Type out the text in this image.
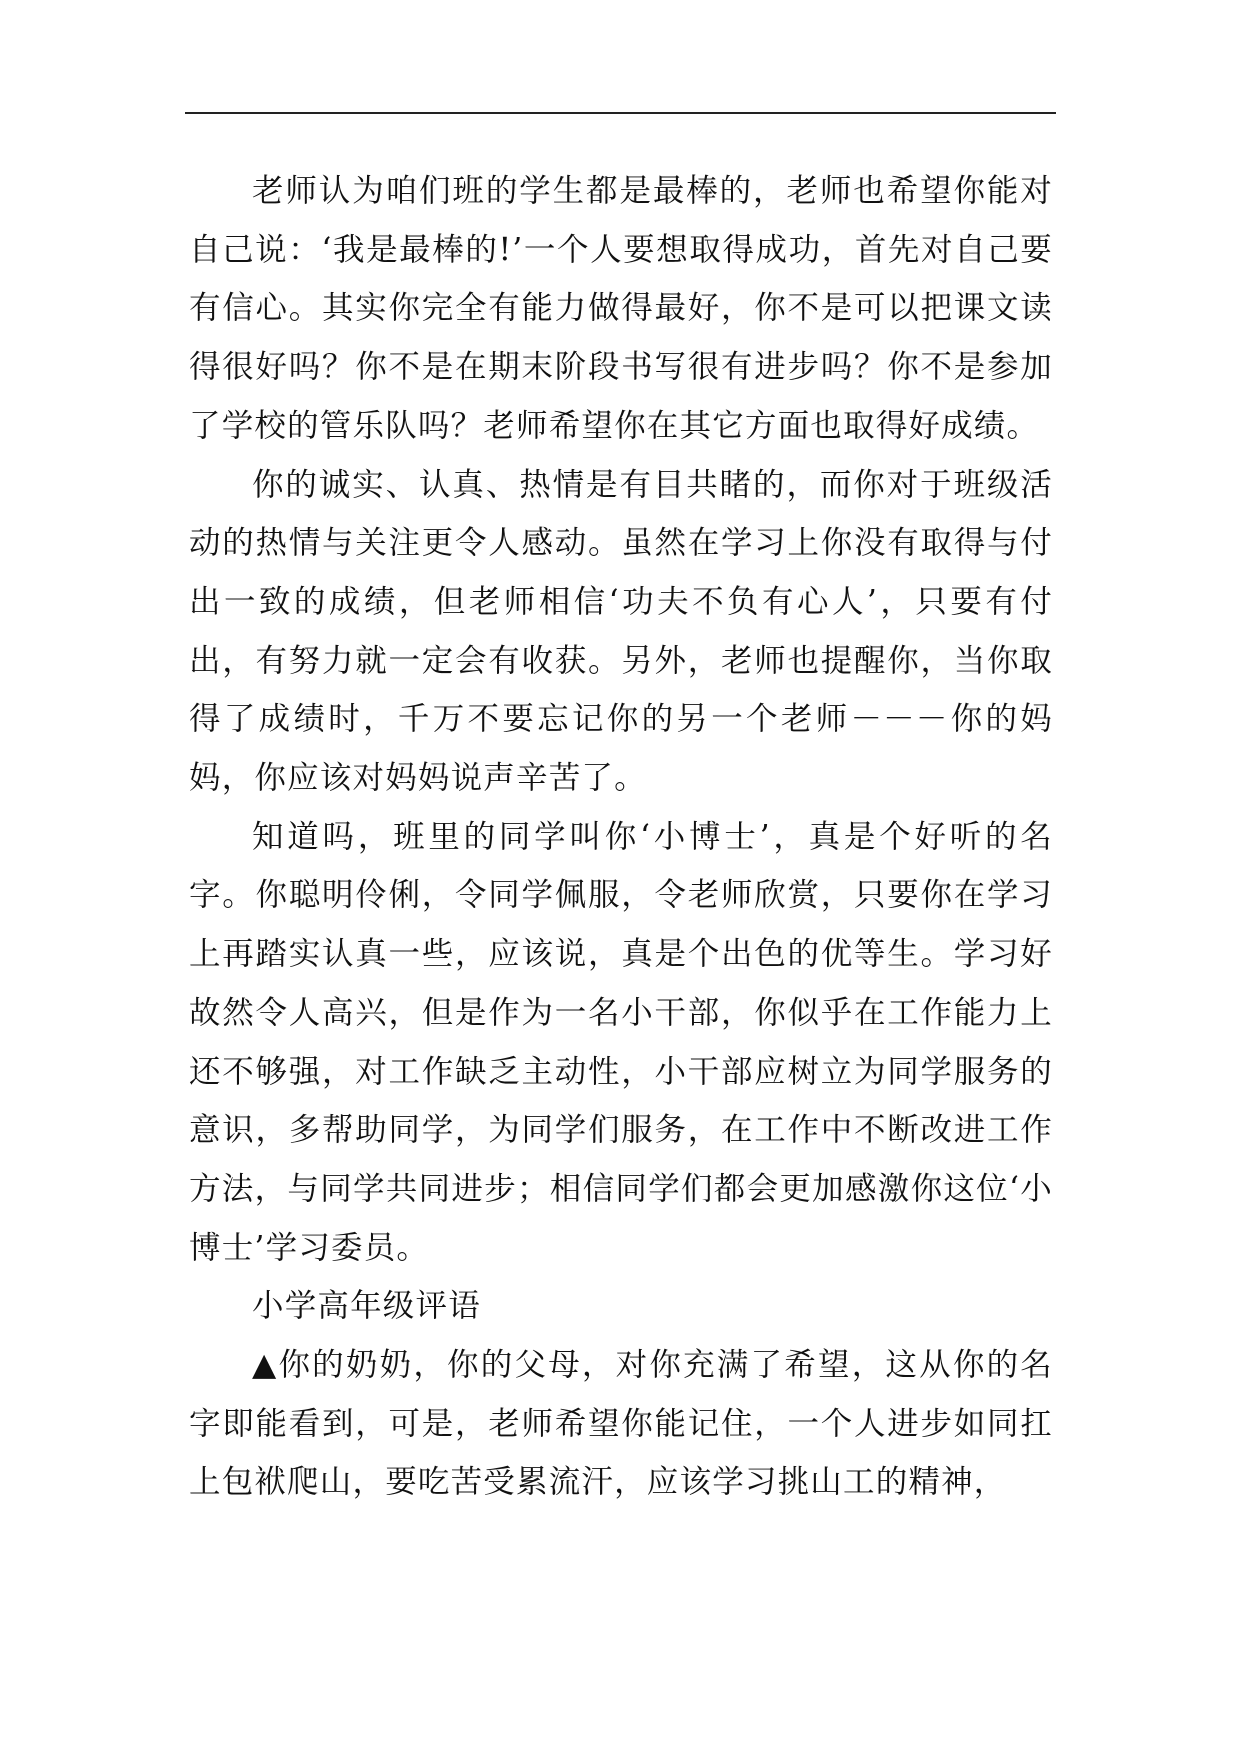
老师认为咱们班的学生都是最棒的，老师也希望你能对自己说：‘我是最棒的!’一个人要想取得成功，首先对自己要有信心。其实你完全有能力做得最好，你不是可以把课文读得很好吗？你不是在期末阶段书写很有进步吗？你不是参加了学校的管乐队吗？老师希望你在其它方面也取得好成绩。

你的诚实、认真、热情是有目共睹的，而你对于班级活动的热情与关注更令人感动。虽然在学习上你没有取得与付出一致的成绩，但老师相信‘功夫不负有心人’，只要有付出，有努力就一定会有收获。另外，老师也提醒你，当你取得了成绩时，千万不要忘记你的另一个老师－－－你的妈妈，你应该对妈妈说声辛苦了。

知道吗，班里的同学叫你‘小博士’，真是个好听的名字。你聪明伶俐，令同学佩服，令老师欣赏，只要你在学习上再踏实认真一些，应该说，真是个出色的优等生。学习好故然令人高兴，但是作为一名小干部，你似乎在工作能力上还不够强，对工作缺乏主动性，小干部应树立为同学服务的意识，多帮助同学，为同学们服务，在工作中不断改进工作方法，与同学共同进步；相信同学们都会更加感激你这位‘小博士’学习委员。

小学高年级评语

▲你的奶奶，你的父母，对你充满了希望，这从你的名字即能看到，可是，老师希望你能记住，一个人进步如同扛上包袱爬山，要吃苦受累流汗，应该学习挑山工的精神，
